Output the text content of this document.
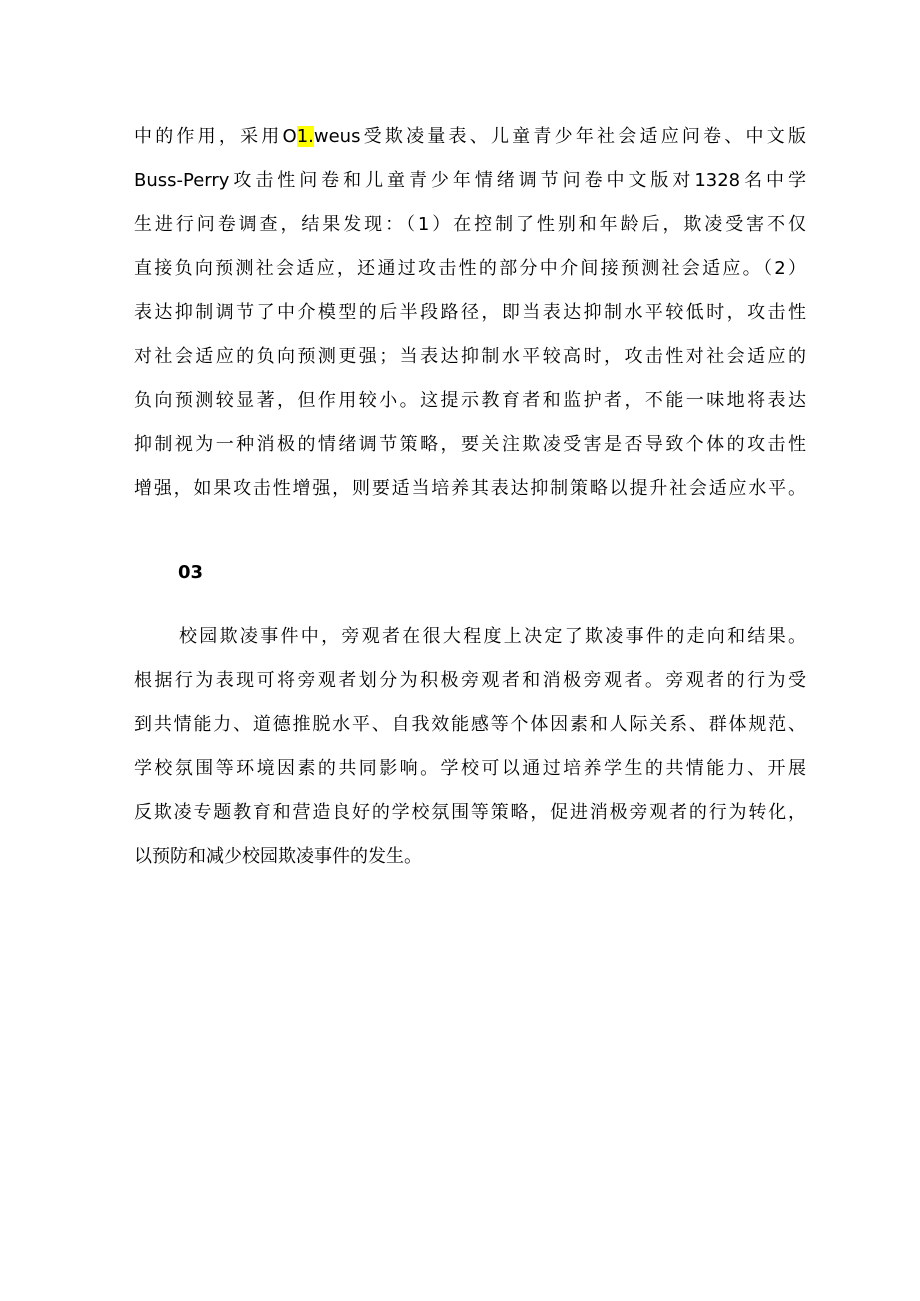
中的作用，采用O1.weus受欺凌量表、儿童青少年社会适应问卷、中文版
Buss-Perry攻击性问卷和儿童青少年情绪调节问卷中文版对1328名中学
生进行问卷调查，结果发现：（1）在控制了性别和年龄后，欺凌受害不仅
直接负向预测社会适应，还通过攻击性的部分中介间接预测社会适应。（2）
表达抑制调节了中介模型的后半段路径，即当表达抑制水平较低时，攻击性
对社会适应的负向预测更强；当表达抑制水平较高时，攻击性对社会适应的
负向预测较显著，但作用较小。这提示教育者和监护者，不能一味地将表达
抑制视为一种消极的情绪调节策略，要关注欺凌受害是否导致个体的攻击性
增强，如果攻击性增强，则要适当培养其表达抑制策略以提升社会适应水平。
03
校园欺凌事件中，旁观者在很大程度上决定了欺凌事件的走向和结果。
根据行为表现可将旁观者划分为积极旁观者和消极旁观者。旁观者的行为受
到共情能力、道德推脱水平、自我效能感等个体因素和人际关系、群体规范、
学校氛围等环境因素的共同影响。学校可以通过培养学生的共情能力、开展
反欺凌专题教育和营造良好的学校氛围等策略，促进消极旁观者的行为转化，
以预防和减少校园欺凌事件的发生。
